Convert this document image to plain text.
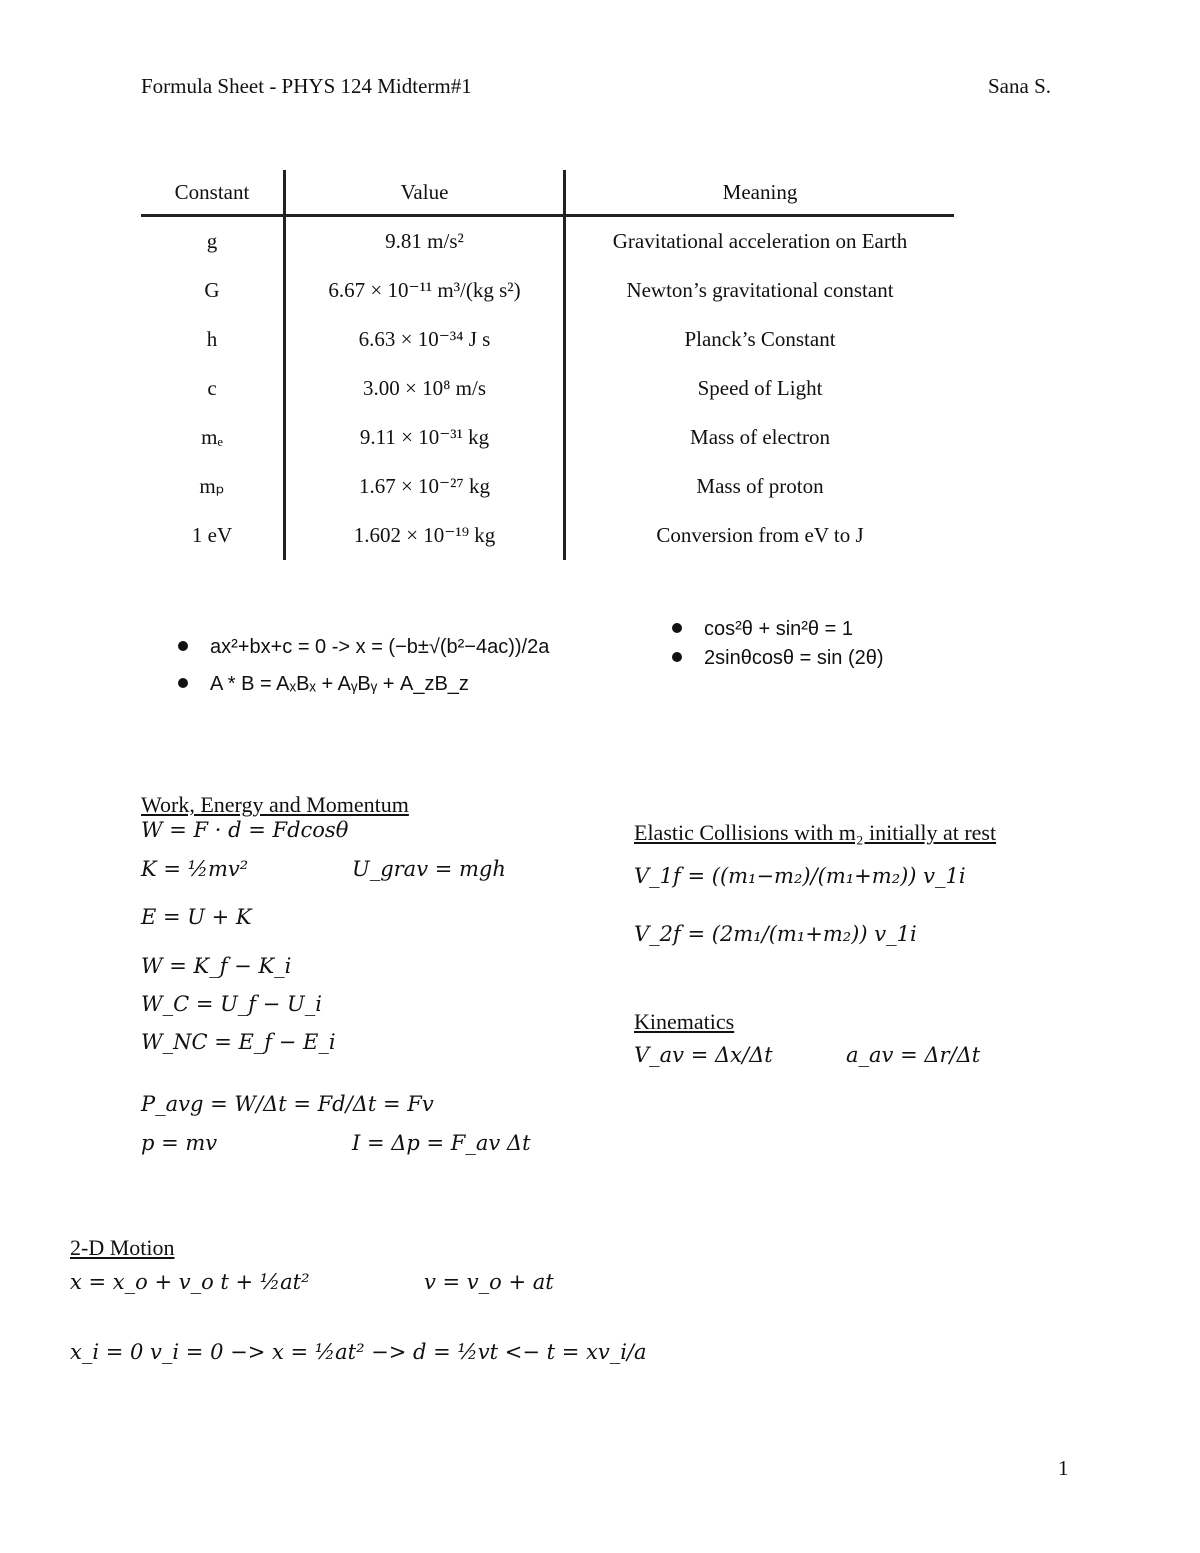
Formula Sheet - PHYS 124 Midterm#1	Sana S.
Constant	Value	Meaning
g	9.81 m/s²	Gravitational acceleration on Earth
G	6.67 × 10⁻¹¹ m³/(kg s²)	Newton’s gravitational constant
h	6.63 × 10⁻³⁴ J s	Planck’s Constant
c	3.00 × 10⁸ m/s	Speed of Light
mₑ	9.11 × 10⁻³¹ kg	Mass of electron
mₚ	1.67 × 10⁻²⁷ kg	Mass of proton
1 eV	1.602 × 10⁻¹⁹ kg	Conversion from eV to J
ax²+bx+c = 0 -> x = (−b±√(b²−4ac))/2a
A * B = AₓBₓ + AᵧBᵧ + A_zB_z
cos²θ + sin²θ = 1
2sinθcosθ = sin (2θ)
Work, Energy and Momentum
W = F · d = Fdcosθ
K = ½mv²	U_grav = mgh
E = U + K
W = K_f − K_i
W_C = U_f − U_i
W_NC = E_f − E_i
P_avg = W/Δt = Fd/Δt = Fv
p = mv	I = Δp = F_av Δt
Elastic Collisions with m₂ initially at rest
V_1f = ((m₁−m₂)/(m₁+m₂)) v_1i
V_2f = (2m₁/(m₁+m₂)) v_1i
Kinematics
V_av = Δx/Δt	a_av = Δr/Δt
2-D Motion
x = x_o + v_o t + ½at²	v = v_o + at
x_i = 0 v_i = 0 −> x = ½at² −> d = ½vt <− t = xv_i/a
1
